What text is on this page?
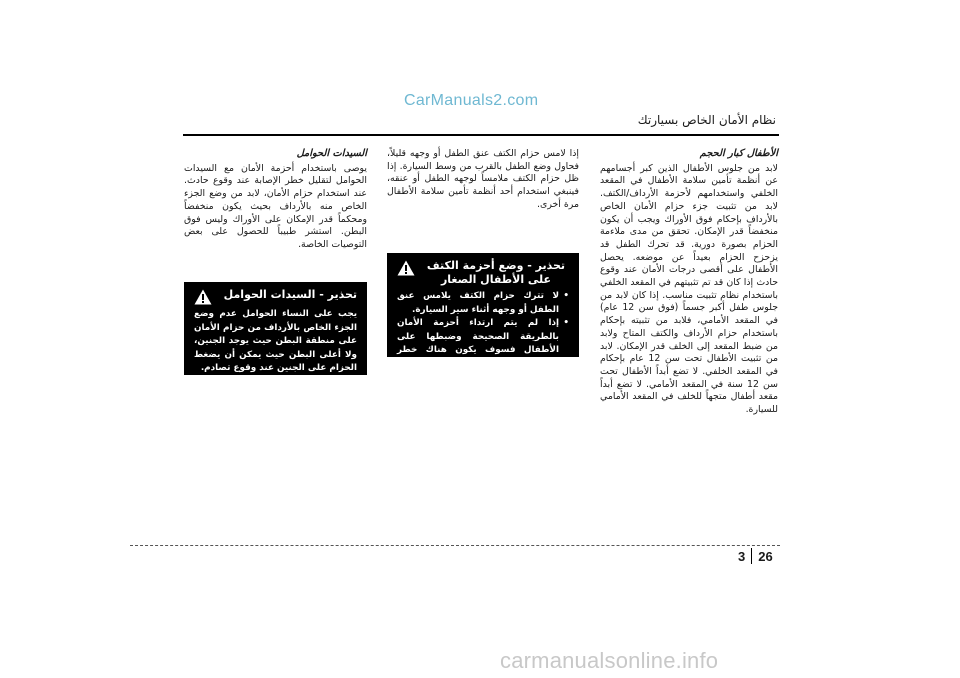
CarManuals2.com
نظام الأمان الخاص بسيارتك
الأطفال كبار الحجم

لابد من جلوس الأطفال الذين كبر أجسامهم عن أنظمة تأمين سلامة الأطفال في المقعد الخلفي واستخدامهم لأحزمة الأرداف/الكتف. لابد من تثبيت جزء حزام الأمان الخاص بالأرداف بإحكام فوق الأوراك ويجب أن يكون منخفضاً قدر الإمكان. تحقق من مدى ملاءمة الحزام بصورة دورية. قد تحرك الطفل قد يزحزح الحزام بعيداً عن موضعه. يحصل الأطفال على أقصى درجات الأمان عند وقوع حادث إذا كان قد تم تثبيتهم في المقعد الخلفي باستخدام نظام تثبيت مناسب. إذا كان لابد من جلوس طفل أكبر جسماً (فوق سن 12 عام) في المقعد الأمامي، فلابد من تثبيته بإحكام باستخدام حزام الأرداف والكتف المتاح ولابد من ضبط المقعد إلى الخلف قدر الإمكان. لابد من تثبيت الأطفال تحت سن 12 عام بإحكام في المقعد الخلفي. لا تضع أبداً الأطفال تحت سن 12 سنة في المقعد الأمامي. لا تضع أبداً مقعد أطفال متجهاً للخلف في المقعد الأمامي للسيارة.

إذا لامس حزام الكتف عنق الطفل أو وجهه قليلاً، فحاول وضع الطفل بالقرب من وسط السيارة. إذا ظل حزام الكتف ملامساً لوجهه الطفل أو عنقه، فينبغي استخدام أحد أنظمة تأمين سلامة الأطفال مرة أخرى.

تحذير - وضع أحزمة الكتف على الأطفال الصغار
• لا تترك حزام الكتف يلامس عنق الطفل أو وجهه أثناء سير السيارة.
• إذا لم يتم ارتداء أحزمة الأمان بالطريقة الصحيحة وضبطها على الأطفال فسوف يكون هناك خطر الوفاة أو الإصابة الخطيرة.
السيدات الحوامل

يوصى باستخدام أحزمة الأمان مع السيدات الحوامل لتقليل خطر الإصابة عند وقوع حادث. عند استخدام حزام الأمان، لابد من وضع الجزء الخاص منه بالأرداف بحيث يكون منخفضاً ومحكماً قدر الإمكان على الأوراك وليس فوق البطن. استشر طبيباً للحصول على بعض التوصيات الخاصة.

تحذير - السيدات الحوامل
يجب على النساء الحوامل عدم وضع الجزء الخاص بالأرداف من حزام الأمان على منطقة البطن حيث يوجد الجنين، ولا أعلى البطن حيث يمكن أن يضغط الحزام على الجنين عند وقوع تصادم.
3 26
carmanualsonline.info
